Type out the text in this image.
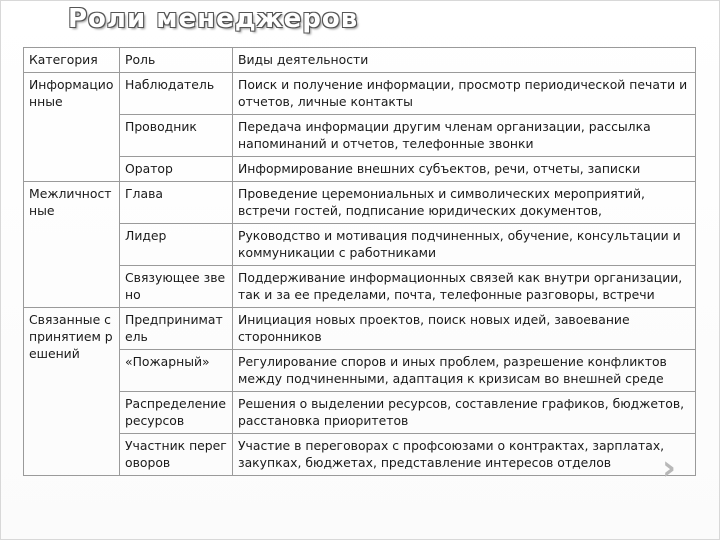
Роли менеджеров
Категория	Роль	Виды деятельности
Информационные	Наблюдатель	Поиск и получение информации, просмотр периодической печати и отчетов, личные контакты
	Проводник	Передача информации другим членам организации, рассылка напоминаний и отчетов, телефонные звонки
	Оратор	Информирование внешних субъектов, речи, отчеты, записки
Межличностные	Глава	Проведение церемониальных и символических мероприятий, встречи гостей, подписание юридических документов,
	Лидер	Руководство и мотивация подчиненных, обучение, консультации и коммуникации с работниками
	Связующее звено	Поддерживание информационных связей как внутри организации, так и за ее пределами, почта, телефонные разговоры, встречи
Связанные с принятием решений	Предприниматель	Инициация новых проектов, поиск новых идей, завоевание сторонников
	«Пожарный»	Регулирование споров и иных проблем, разрешение конфликтов между подчиненными, адаптация к кризисам во внешней среде
	Распределение ресурсов	Решения о выделении ресурсов, составление графиков, бюджетов, расстановка приоритетов
	Участник переговоров	Участие в переговорах с профсоюзами о контрактах, зарплатах, закупках, бюджетах, представление интересов отделов ›
